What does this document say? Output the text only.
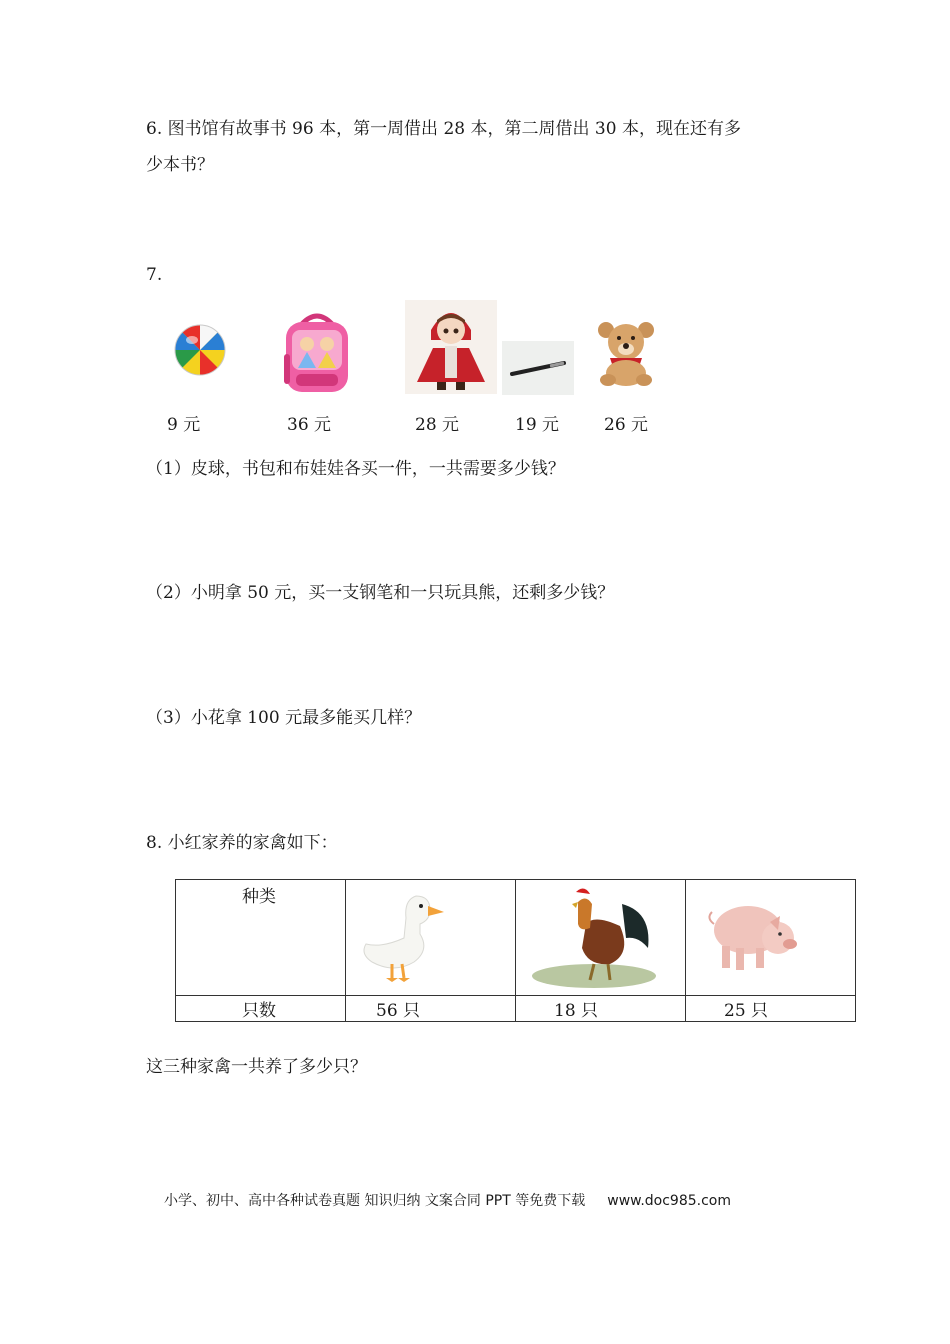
6. 图书馆有故事书 96 本，第一周借出 28 本，第二周借出 30 本，现在还有多
少本书？
7.
9 元	36 元	28 元	19 元	26 元
（1）皮球，书包和布娃娃各买一件，一共需要多少钱？
（2）小明拿 50 元，买一支钢笔和一只玩具熊，还剩多少钱？
（3）小花拿 100 元最多能买几样？
8. 小红家养的家禽如下：
种类

只数	56 只	18 只	25 只
这三种家禽一共养了多少只？
小学、初中、高中各种试卷真题 知识归纳 文案合同 PPT 等免费下载 www.doc985.com
